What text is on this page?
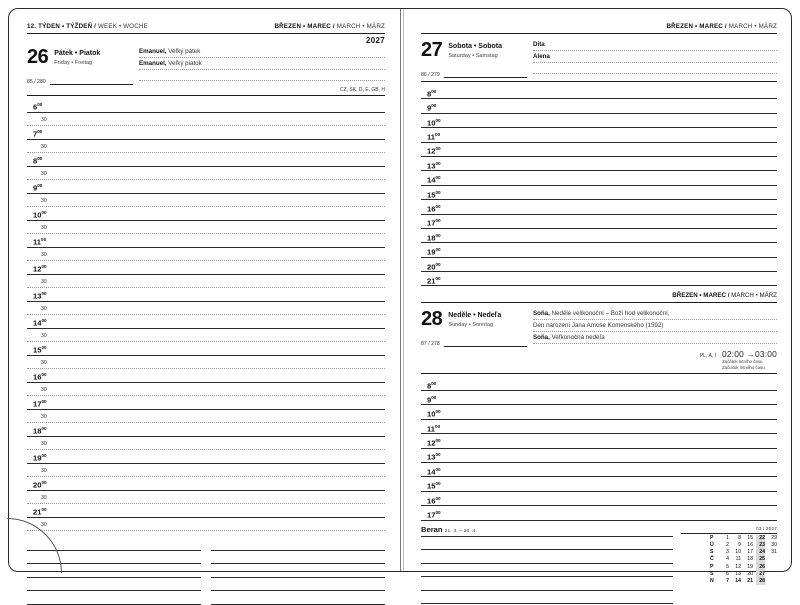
12. TÝDEN • TÝŽDEŇ / WEEK • WOCHE	BŘEZEN • MAREC / MARCH • MÄRZ
2027
26 Pátek • Piatok
Friday • Freitag
85 / 280
Emanuel, Veľký pátek
Emanuel, Veľký piatok
CZ, SK, D, E, GB, H
$6^{00}$
30
$7^{00}$
30
$8^{00}$
30
$9^{00}$
30
$10^{00}$
30
$11^{00}$
30
$12^{00}$
30
$13^{00}$
30
$14^{00}$
30
$15^{00}$
30
$16^{00}$
30
$17^{00}$
30
$18^{00}$
30
$19^{00}$
30
$20^{00}$
30
$21^{00}$
30
BŘEZEN • MAREC / MARCH • MÄRZ
27 Sobota • Sobota
Saturday • Samstag
86 / 279
Dita
Alena
$8^{00}$
$9^{00}$
$10^{00}$
$11^{00}$
$12^{00}$
$13^{00}$
$14^{00}$
$15^{00}$
$16^{00}$
$17^{00}$
$18^{00}$
$19^{00}$
$20^{00}$
$21^{00}$
BŘEZEN • MAREC / MARCH • MÄRZ
28 Neděle • Nedeľa
Sunday • Sonntag
87 / 278
Soňa, Neděle velikonoční – Boží hod velikonoční,
Den narození Jana Amose Komenského (1592)
Soňa, Veľkonočná nedeľa
PL, A, I 02:00 →03:00
Začátek letního času
Začiatok letného času
$8^{00}$
$9^{00}$
$10^{00}$
$11^{00}$
$12^{00}$
$13^{00}$
$14^{00}$
$15^{00}$
$16^{00}$
$17^{00}$
Beran 21. 3. – 20. 4.
03 / 2027
P	1	8	15	22	29
Ú	2	9	16	23	30
S	3	10	17	24	31
Č	4	11	18	25
P	5	12	19	26
S	6	13	20	27
N	7	14	21	28
